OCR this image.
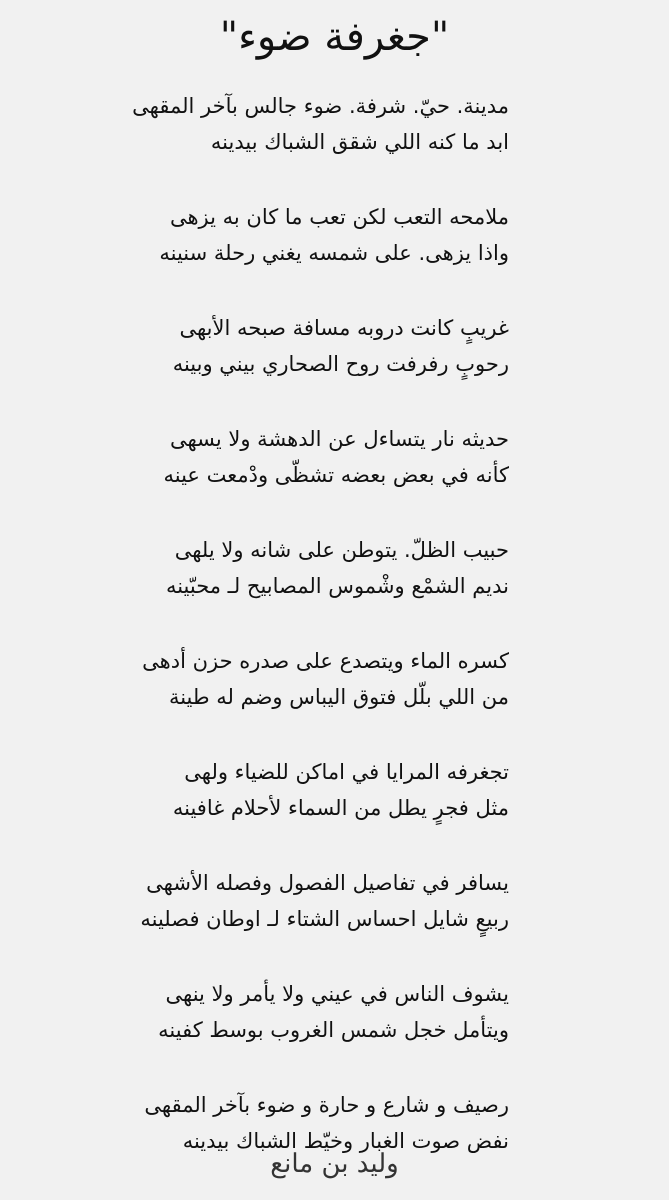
"جغرفة ضوء"
مدينة. حيّ. شرفة. ضوء جالس بآخر المقهى
ابد ما كنه اللي شقق الشباك بيدينه
ملامحه التعب لكن تعب ما كان به يزهى
واذا يزهى. على شمسه يغني رحلة سنينه
غريبٍ كانت دروبه مسافة صبحه الأبهى
رحوبٍ رفرفت روح الصحاري بيني وبينه
حديثه نار يتساءل عن الدهشة ولا يسهى
كأنه في بعض بعضه تشظّى ودْمعت عينه
حبيب الظلّ. يتوطن على شانه ولا يلهى
نديم الشمْع وشْموس المصابيح لـ محبّينه
كسره الماء ويتصدع على صدره حزن أدهى
من اللي بلّل فتوق اليباس وضم له طينة
تجغرفه المرايا في اماكن للضياء ولهى
مثل فجرٍ يطل من السماء لأحلام غافينه
يسافر في تفاصيل الفصول وفصله الأشهى
ربيعٍ شايل احساس الشتاء لـ اوطان فصلينه
يشوف الناس في عيني ولا يأمر ولا ينهى
ويتأمل خجل شمس الغروب بوسط كفينه
رصيف و شارع و حارة و ضوء بآخر المقهى
نفض صوت الغبار وخيّط الشباك بيدينه
وليد بن مانع
